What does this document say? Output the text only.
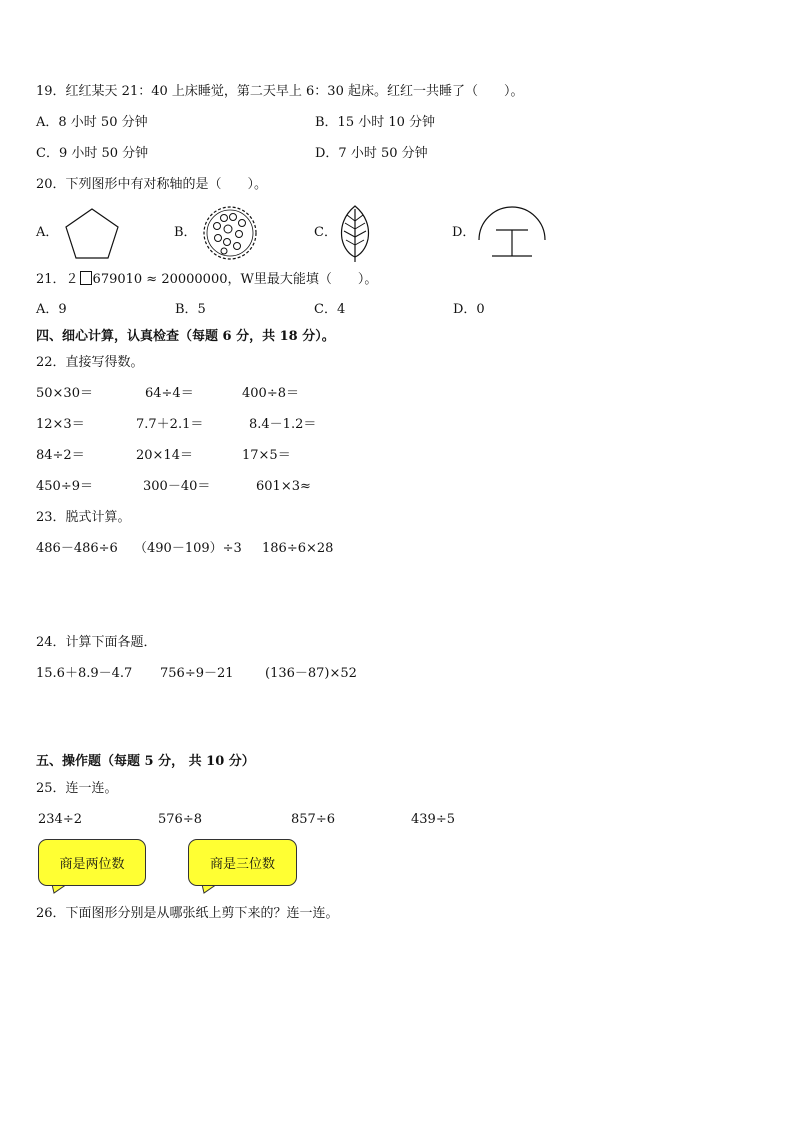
19．红红某天 21：40 上床睡觉，第二天早上 6：30 起床。红红一共睡了（　　）。
A．8 小时 50 分钟	B．15 小时 10 分钟
C．9 小时 50 分钟	D．7 小时 50 分钟
20．下列图形中有对称轴的是（　　）。
A．	B．	C．	D．
21．２ 679010 ≈ 20000000，W里最大能填（　　）。
A．9	B．5	C．4	D．0
四、细心计算，认真检查（每题 6 分，共 18 分）。
22．直接写得数。
50×30＝	64÷4＝	400÷8＝
12×3＝	7.7＋2.1＝	8.4－1.2＝
84÷2＝	20×14＝	17×5＝
450÷9＝	300－40＝	601×3≈
23．脱式计算。
486－486÷6 （490－109）÷3 186÷6×28
24．计算下面各题．
15.6＋8.9－4.7 756÷9－21 (136－87)×52
五、操作题（每题 5 分， 共 10 分）
25．连一连。
234÷2	576÷8	857÷6	439÷5
商是两位数	商是三位数
26．下面图形分别是从哪张纸上剪下来的？连一连。
